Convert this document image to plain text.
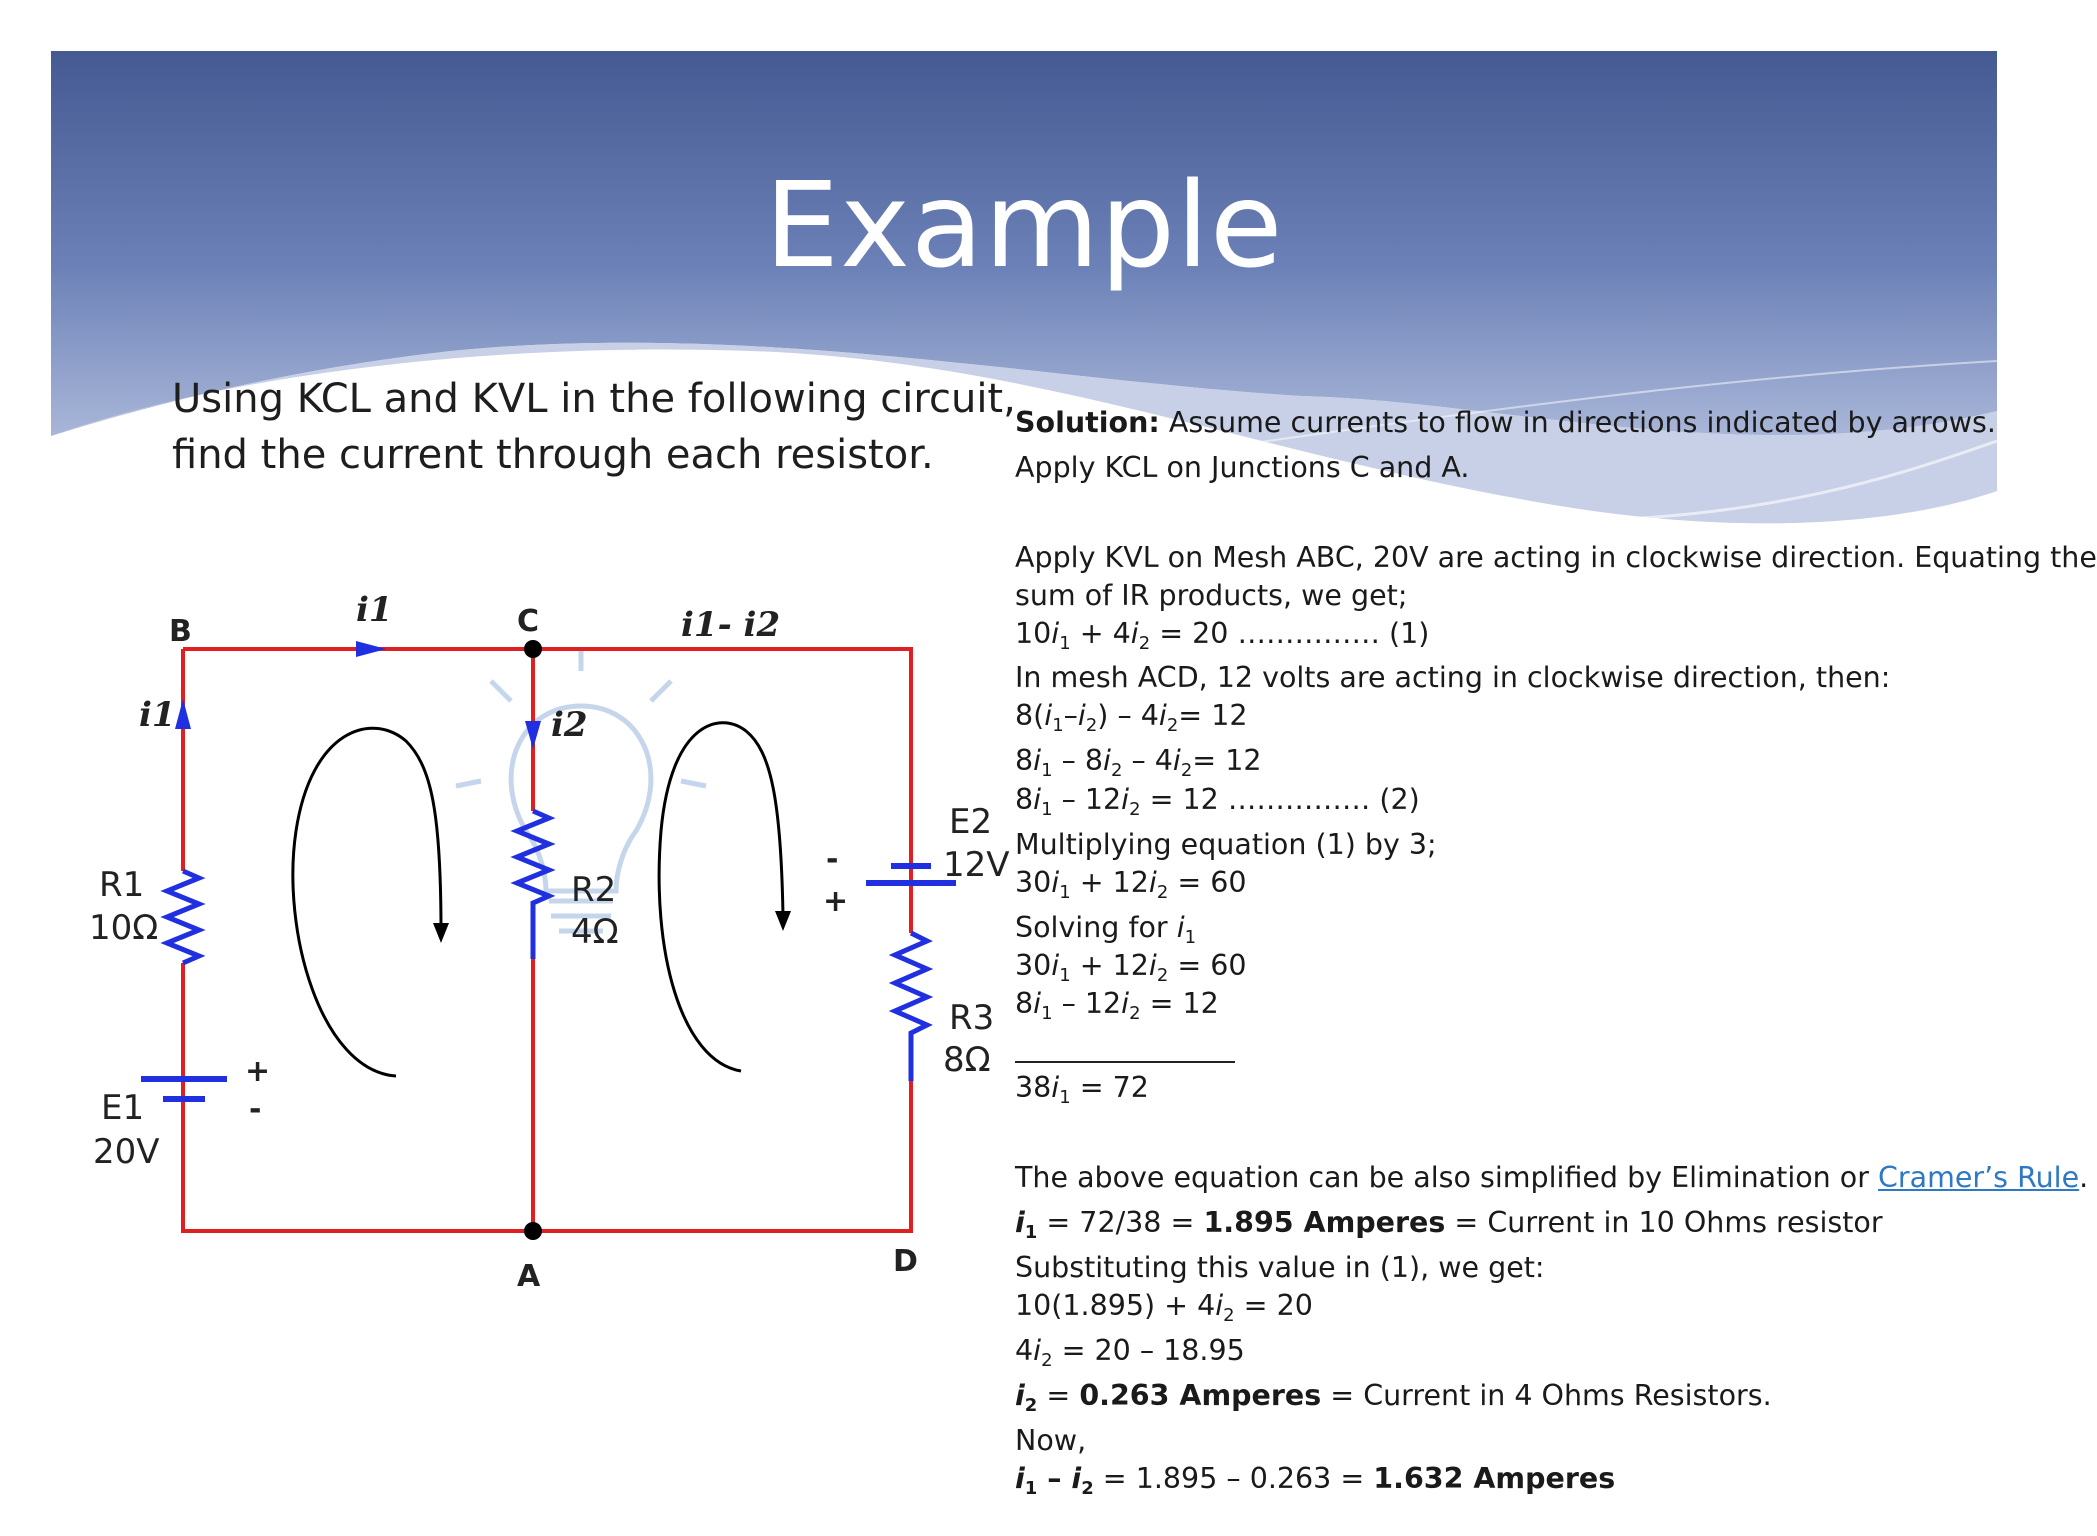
Example
Using KCL and KVL in the following circuit,
find the current through each resistor.
B	C
A	D
i1	i1- i2
i1	i2
R1
10Ω
R2
4Ω
R3
8Ω
E1
20V
E2
12V
+
-
-
+
Solution: Assume currents to flow in directions indicated by arrows.
Apply KCL on Junctions C and A.
Apply KVL on Mesh ABC, 20V are acting in clockwise direction. Equating the
sum of IR products, we get;
$10i_1 + 4i_2 = 20$ …………… (1)
In mesh ACD, 12 volts are acting in clockwise direction, then:
$8(i_1-i_2) - 4i_2= 12$
$8i_1 - 8i_2 - 4i_2= 12$
$8i_1 - 12i_2 = 12$ …………… (2)
Multiplying equation (1) by 3;
$30i_1 + 12i_2 = 60$
Solving for $i_1$
$30i_1 + 12i_2 = 60$
$8i_1 - 12i_2 = 12$
$38i_1 = 72$
The above equation can be also simplified by Elimination or Cramer’s Rule.
$i_1 = 72/38 = 1.895$ Amperes = Current in 10 Ohms resistor
Substituting this value in (1), we get:
$10(1.895) + 4i_2 = 20$
$4i_2 = 20 - 18.95$
$i_2 = 0.263$ Amperes = Current in 4 Ohms Resistors.
Now,
$i_1 - i_2 = 1.895 - 0.263 = 1.632$ Amperes
